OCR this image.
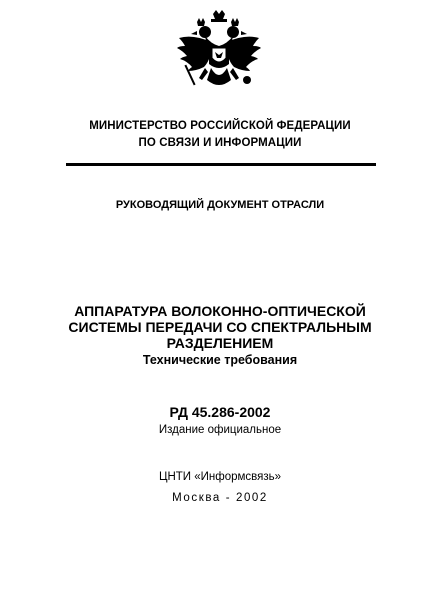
МИНИСТЕРСТВО РОССИЙСКОЙ ФЕДЕРАЦИИ
ПО СВЯЗИ И ИНФОРМАЦИИ
РУКОВОДЯЩИЙ ДОКУМЕНТ ОТРАСЛИ
АППАРАТУРА ВОЛОКОННО-ОПТИЧЕСКОЙ
СИСТЕМЫ ПЕРЕДАЧИ СО СПЕКТРАЛЬНЫМ
РАЗДЕЛЕНИЕМ
Технические требования
РД 45.286-2002
Издание официальное
ЦНТИ «Информсвязь»
Москва - 2002
